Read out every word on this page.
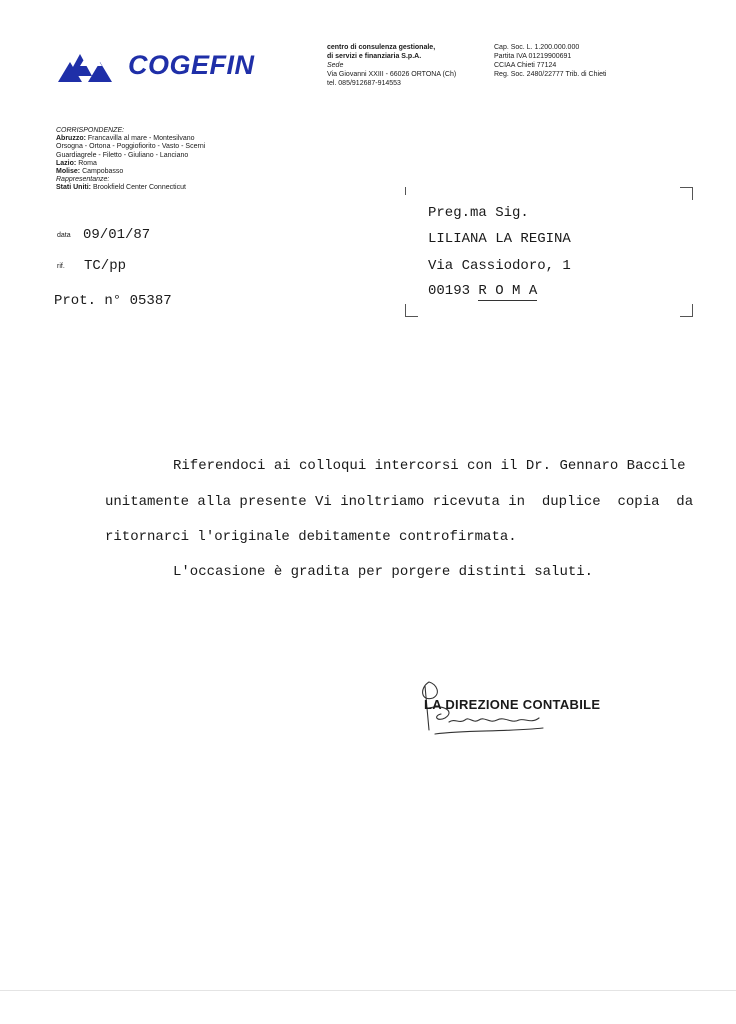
COGEFIN
centro di consulenza gestionale,
di servizi e finanziaria S.p.A.
Sede
Via Giovanni XXIII - 66026 ORTONA (Ch)
tel. 085/912687-914553
Cap. Soc. L. 1.200.000.000
Partita IVA 01219900691
CCIAA Chieti 77124
Reg. Soc. 2480/22777 Trib. di Chieti
CORRISPONDENZE:
Abruzzo: Francavilla al mare - Montesilvano
Orsogna - Ortona - Poggiofiorito - Vasto - Scerni
Guardiagrele - Filetto - Giuliano - Lanciano
Lazio: Roma
Molise: Campobasso
Rappresentanze:
Stati Uniti: Brookfield Center Connecticut
data 09/01/87
rif. TC/pp
Prot. n° 05387
Preg.ma Sig.
LILIANA LA REGINA
Via Cassiodoro, 1
00193 R O M A
Riferendoci ai colloqui intercorsi con il Dr. Gennaro Baccile
unitamente alla presente Vi inoltriamo ricevuta in  duplice  copia  da
ritornarci l'originale debitamente controfirmata.
L'occasione è gradita per porgere distinti saluti.
LA DIREZIONE CONTABILE
